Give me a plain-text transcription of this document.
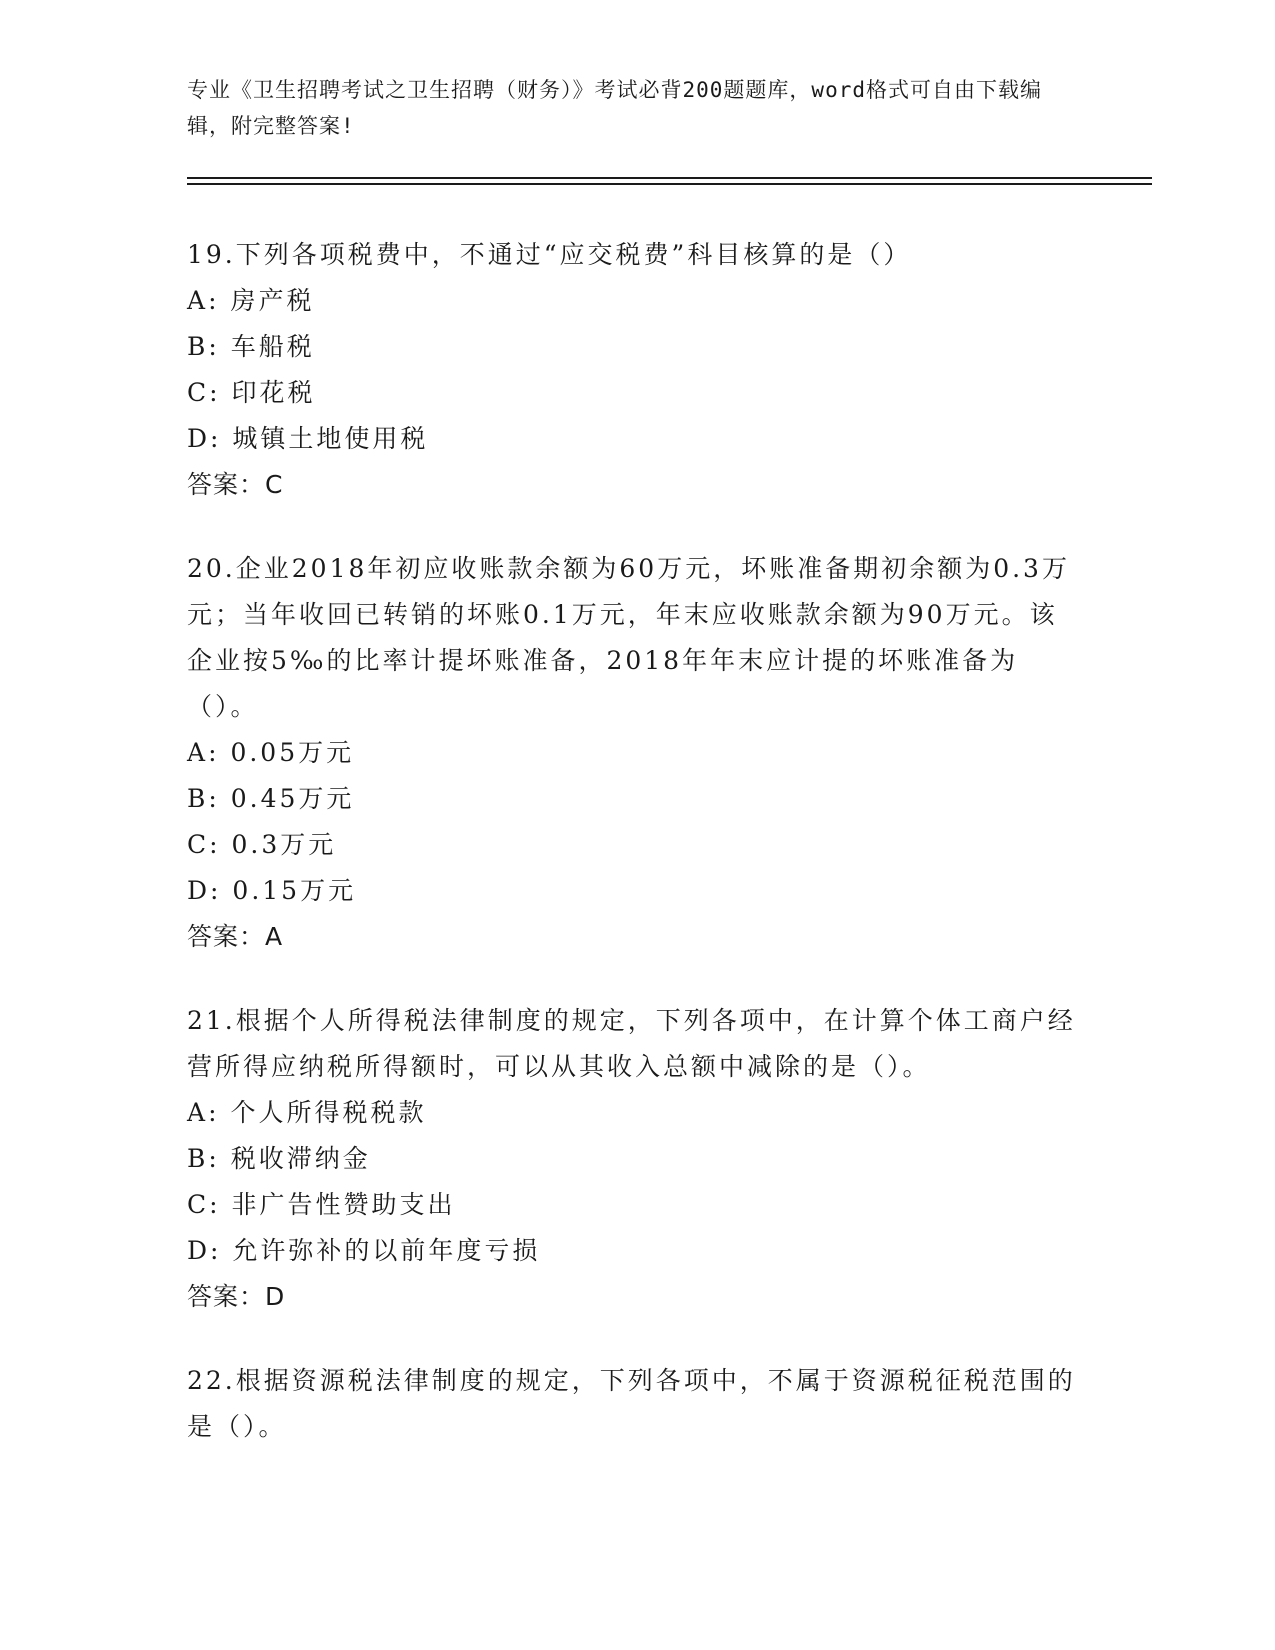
专业《卫生招聘考试之卫生招聘（财务）》考试必背200题题库，word格式可自由下载编辑，附完整答案!
19.下列各项税费中，不通过“应交税费”科目核算的是（）
A: 房产税
B: 车船税
C: 印花税
D: 城镇土地使用税
答案：C
20.企业2018年初应收账款余额为60万元，坏账准备期初余额为0.3万元；当年收回已转销的坏账0.1万元，年末应收账款余额为90万元。该企业按5‰的比率计提坏账准备，2018年年末应计提的坏账准备为（）。
A: 0.05万元
B: 0.45万元
C: 0.3万元
D: 0.15万元
答案：A
21.根据个人所得税法律制度的规定，下列各项中，在计算个体工商户经营所得应纳税所得额时，可以从其收入总额中减除的是（）。
A: 个人所得税税款
B: 税收滞纳金
C: 非广告性赞助支出
D: 允许弥补的以前年度亏损
答案：D
22.根据资源税法律制度的规定，下列各项中，不属于资源税征税范围的是（）。
